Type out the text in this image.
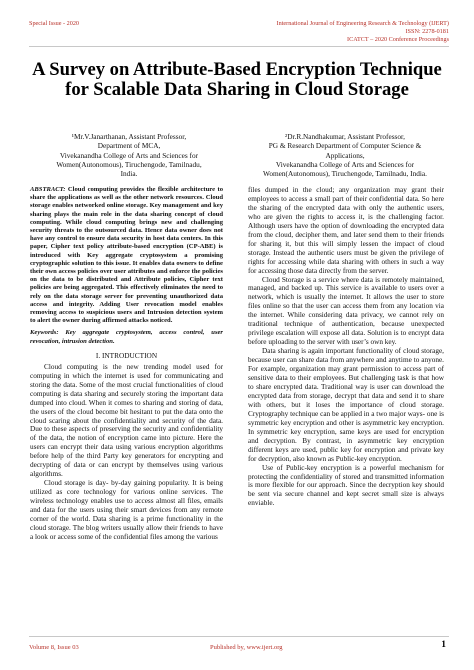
Special Issue - 2020	International Journal of Engineering Research & Technology (IJERT)
ISSN: 2278-0181
ICATCT – 2020 Conference Proceedings
A Survey on Attribute-Based Encryption Technique for Scalable Data Sharing in Cloud Storage
¹Mr.V.Janarthanan, Assistant Professor,
Department of MCA,
Vivekanandha College of Arts and Sciences for
Women(Autonomous), Tiruchengode, Tamilnadu,
India.
²Dr.R.Nandhakumar, Assistant Professor,
PG & Research Department of Computer Science &
Applications,
Vivekanandha College of Arts and Sciences for
Women(Autonomous), Tiruchengode, Tamilnadu, India.
ABSTRACT: Cloud computing provides the flexible architecture to share the applications as well as the other network resources. Cloud storage enables networked online storage. Key management and key sharing plays the main role in the data sharing concept of cloud computing. While cloud computing brings new and challenging security threats to the outsourced data. Hence data owner does not have any control to ensure data security in host data centers. In this paper, Cipher text policy attribute-based encryption (CP-ABE) is introduced with Key aggregate cryptosystem a promising cryptographic solution to this issue. It enables data owners to define their own access policies over user attributes and enforce the policies on the data to be distributed and Attribute policies, Cipher text policies are being aggregated. This effectively eliminates the need to rely on the data storage server for preventing unauthorized data access and integrity. Adding User revocation model enables removing access to suspicious users and Intrusion detection system to alert the owner during affirmed attacks noticed.
Keywords: Key aggregate cryptosystem, access control, user revocation, intrusion detection.
I. INTRODUCTION

Cloud computing is the new trending model used for computing in which the internet is used for communicating and storing the data. Some of the most crucial functionalities of cloud computing is data sharing and securely storing the important data dumped into cloud. When it comes to sharing and storing of data, the users of the cloud become bit hesitant to put the data onto the cloud scaring about the confidentiality and security of the data. Due to these aspects of preserving the security and confidentiality of the data, the notion of encryption came into picture. Here the users can encrypt their data using various encryption algorithms before help of the third Party key generators for encrypting and decrypting of data or can encrypt by themselves using various algorithms.

Cloud storage is day- by-day gaining popularity. It is being utilized as core technology for various online services. The wireless technology enables use to access almost all files, emails and data for the users using their smart devices from any remote corner of the world. Data sharing is a prime functionality in the cloud storage. The blog writers usually allow their friends to have a look or access some of the confidential files among the various

files dumped in the cloud; any organization may grant their employees to access a small part of their confidential data. So here the sharing of the encrypted data with only the authentic users, who are given the rights to access it, is the challenging factor. Although users have the option of downloading the encrypted data from the cloud, decipher them, and later send them to their friends for sharing it, but this will simply lessen the impact of cloud storage. Instead the authentic users must be given the privilege of rights for accessing while data sharing with others in such a way for accessing those data directly from the server.

Cloud Storage is a service where data is remotely maintained, managed, and backed up. This service is available to users over a network, which is usually the internet. It allows the user to store files online so that the user can access them from any location via the internet. While considering data privacy, we cannot rely on traditional technique of authentication, because unexpected privilege escalation will expose all data. Solution is to encrypt data before uploading to the server with user’s own key.

Data sharing is again important functionality of cloud storage, because user can share data from anywhere and anytime to anyone. For example, organization may grant permission to access part of sensitive data to their employees. But challenging task is that how to share encrypted data. Traditional way is user can download the encrypted data from storage, decrypt that data and send it to share with others, but it loses the importance of cloud storage. Cryptography technique can be applied in a two major ways- one is symmetric key encryption and other is asymmetric key encryption. In symmetric key encryption, same keys are used for encryption and decryption. By contrast, in asymmetric key encryption different keys are used, public key for encryption and private key for decryption, also known as Public-key encryption.

Use of Public-key encryption is a powerful mechanism for protecting the confidentiality of stored and transmitted information is more flexible for our approach. Since the decryption key should be sent via secure channel and kept secret small size is always enviable.

Volume 8, Issue 03	Published by, www.ijert.org	1
